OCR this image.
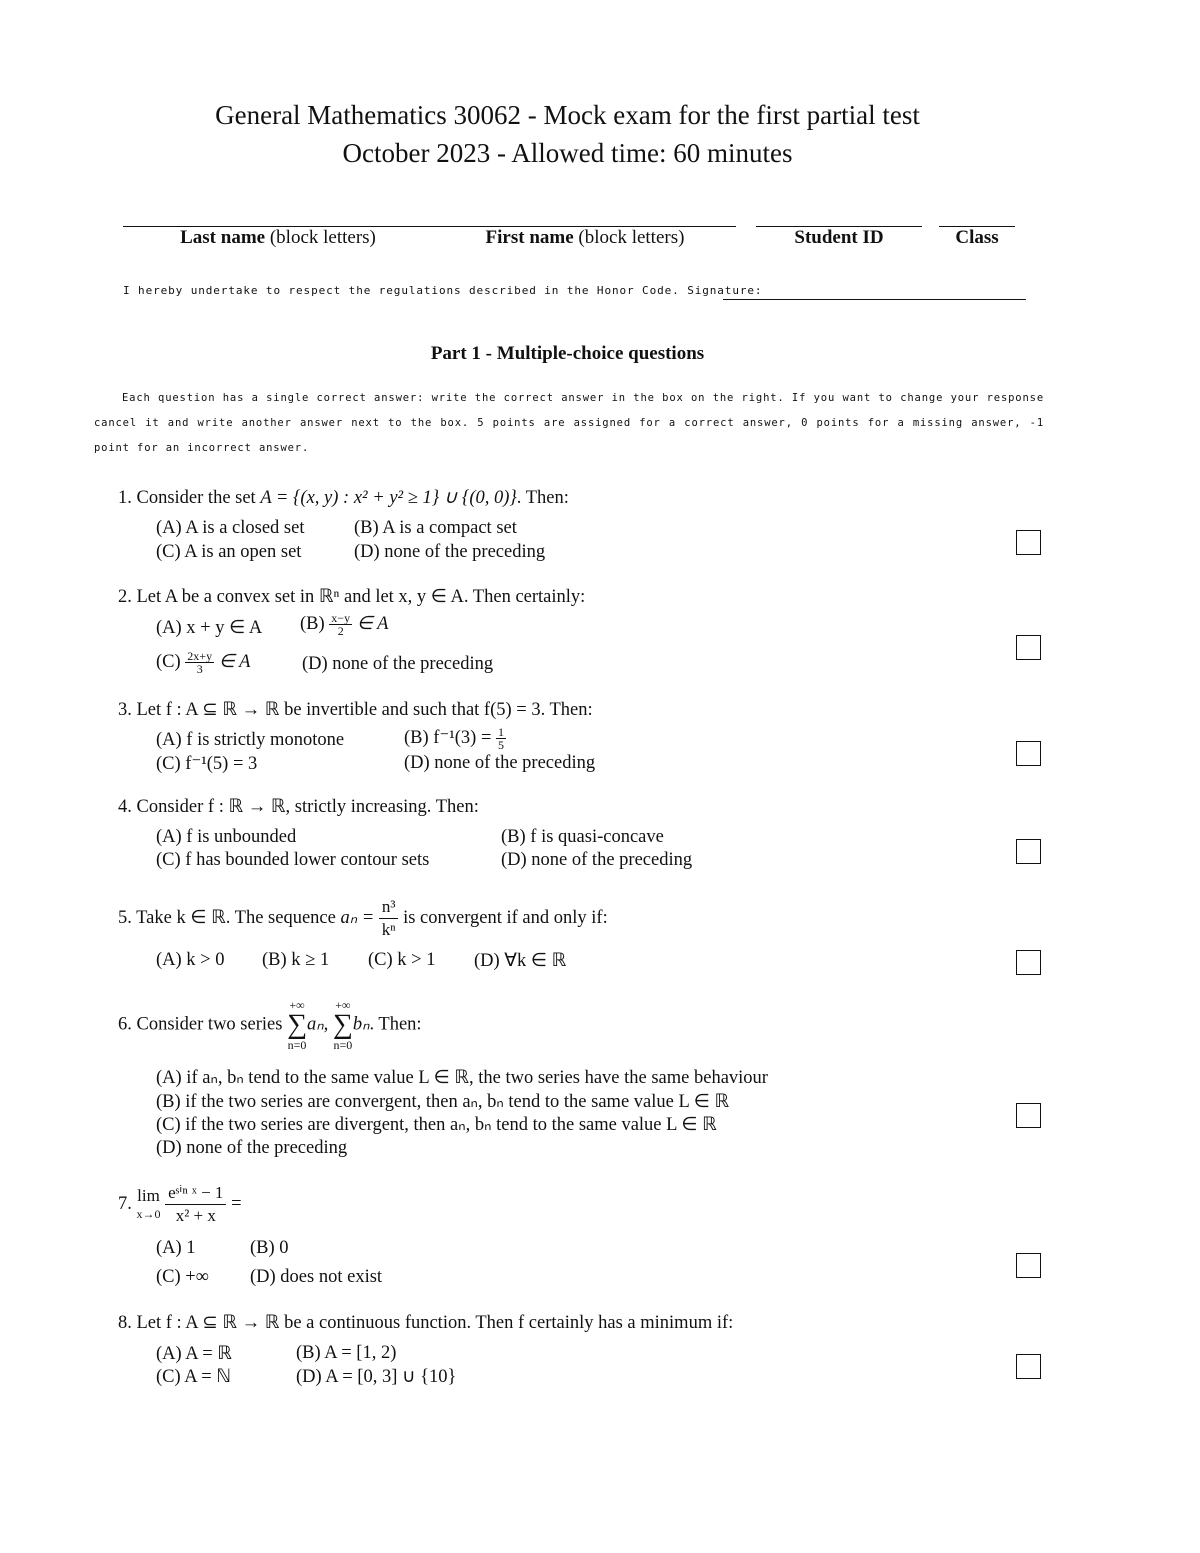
General Mathematics 30062 - Mock exam for the first partial test
October 2023 - Allowed time: 60 minutes
Last name (block letters)	First name (block letters)	Student ID	Class
I hereby undertake to respect the regulations described in the Honor Code. Signature:
Part 1 - Multiple-choice questions
Each question has a single correct answer: write the correct answer in the box on the right. If you want to change your response cancel it and write another answer next to the box. 5 points are assigned for a correct answer, 0 points for a missing answer, -1 point for an incorrect answer.
1. Consider the set A = {(x, y) : x² + y² ≥ 1} ∪ {(0, 0)}. Then:
(A) A is a closed set	(B) A is a compact set
(C) A is an open set	(D) none of the preceding
2. Let A be a convex set in ℝⁿ and let x, y ∈ A. Then certainly:
(A) x + y ∈ A $(B) \frac{x-y}{2}$ ∈ A
$(C) \frac{2x+y}{3}$ ∈ A	(D) none of the preceding
3. Let f : A ⊆ ℝ → ℝ be invertible and such that f(5) = 3. Then:
(A) f is strictly monotone	(B) $f^{-1}(3) = \frac{1}{5}$
(C) f⁻¹(5) = 3	(D) none of the preceding
4. Consider f : ℝ → ℝ, strictly increasing. Then:
(A) f is unbounded	(B) f is quasi-concave
(C) f has bounded lower contour sets	(D) none of the preceding
5. Take k ∈ ℝ. The sequence $a_n = \frac{\text{n³}}{\text{kⁿ}}$ is convergent if and only if:
(A) k > 0 (B) k ≥ 1 (C) k > 1 (D) ∀k ∈ ℝ
6. Consider two series
+∞
∑
n=0
aₙ,
+∞
∑
n=0
bₙ. Then:
(A) if aₙ, bₙ tend to the same value L ∈ ℝ, the two series have the same behaviour
(B) if the two series are convergent, then aₙ, bₙ tend to the same value L ∈ ℝ
(C) if the two series are divergent, then aₙ, bₙ tend to the same value L ∈ ℝ
(D) none of the preceding
7. lim
x→0

eˢⁱⁿ ˣ − 1
x² + x
=
(A) 1	(B) 0
(C) +∞ (D) does not exist
8. Let f : A ⊆ ℝ → ℝ be a continuous function. Then f certainly has a minimum if:
(A) A = ℝ	(B) A = [1, 2)
(C) A = ℕ	(D) A = [0, 3] ∪ {10}
